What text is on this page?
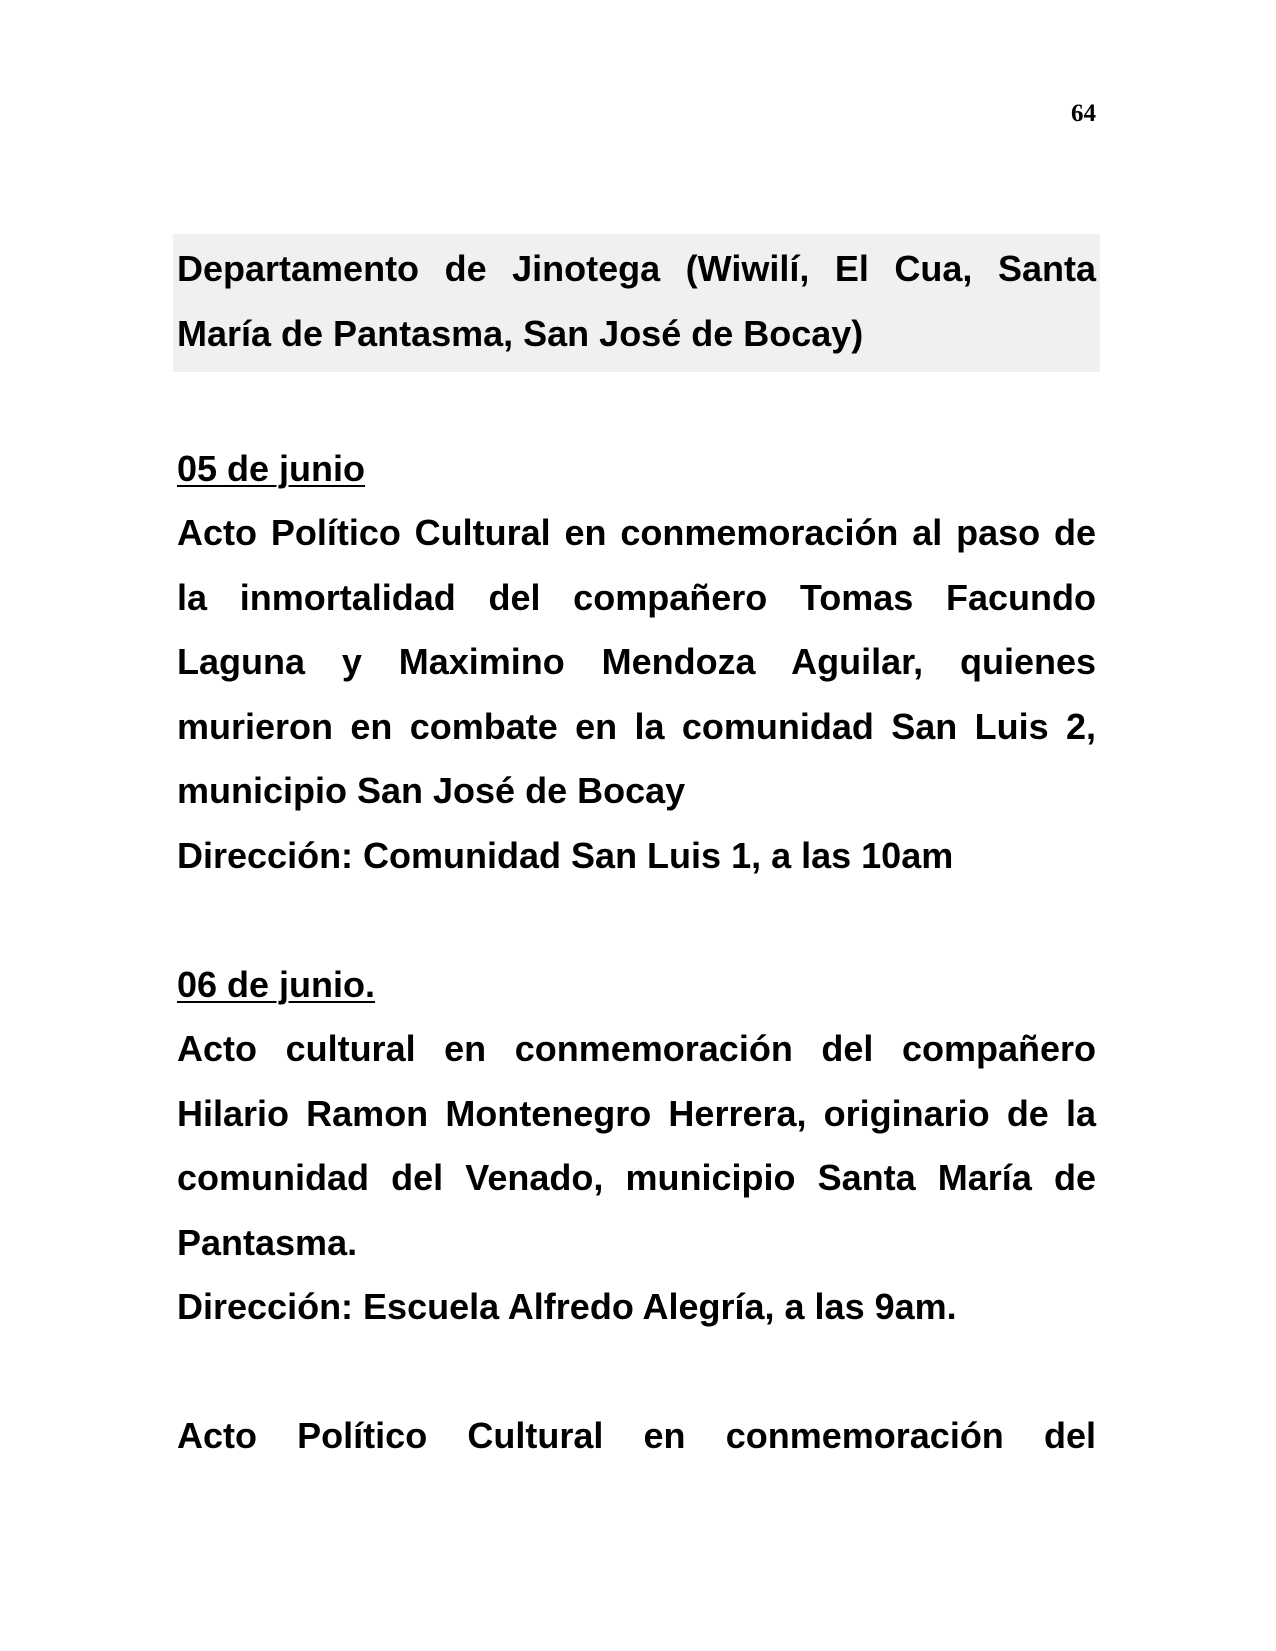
64
Departamento de Jinotega (Wiwilí, El Cua, Santa María de Pantasma, San José de Bocay)
05 de junio
Acto Político Cultural en conmemoración al paso de la inmortalidad del compañero Tomas Facundo Laguna y Maximino Mendoza Aguilar, quienes murieron en combate en la comunidad San Luis 2, municipio San José de Bocay
Dirección: Comunidad San Luis 1, a las 10am
06 de junio.
Acto cultural en conmemoración del compañero Hilario Ramon Montenegro Herrera, originario de la comunidad del Venado, municipio Santa María de Pantasma.
Dirección: Escuela Alfredo Alegría, a las 9am.
Acto Político Cultural en conmemoración del
